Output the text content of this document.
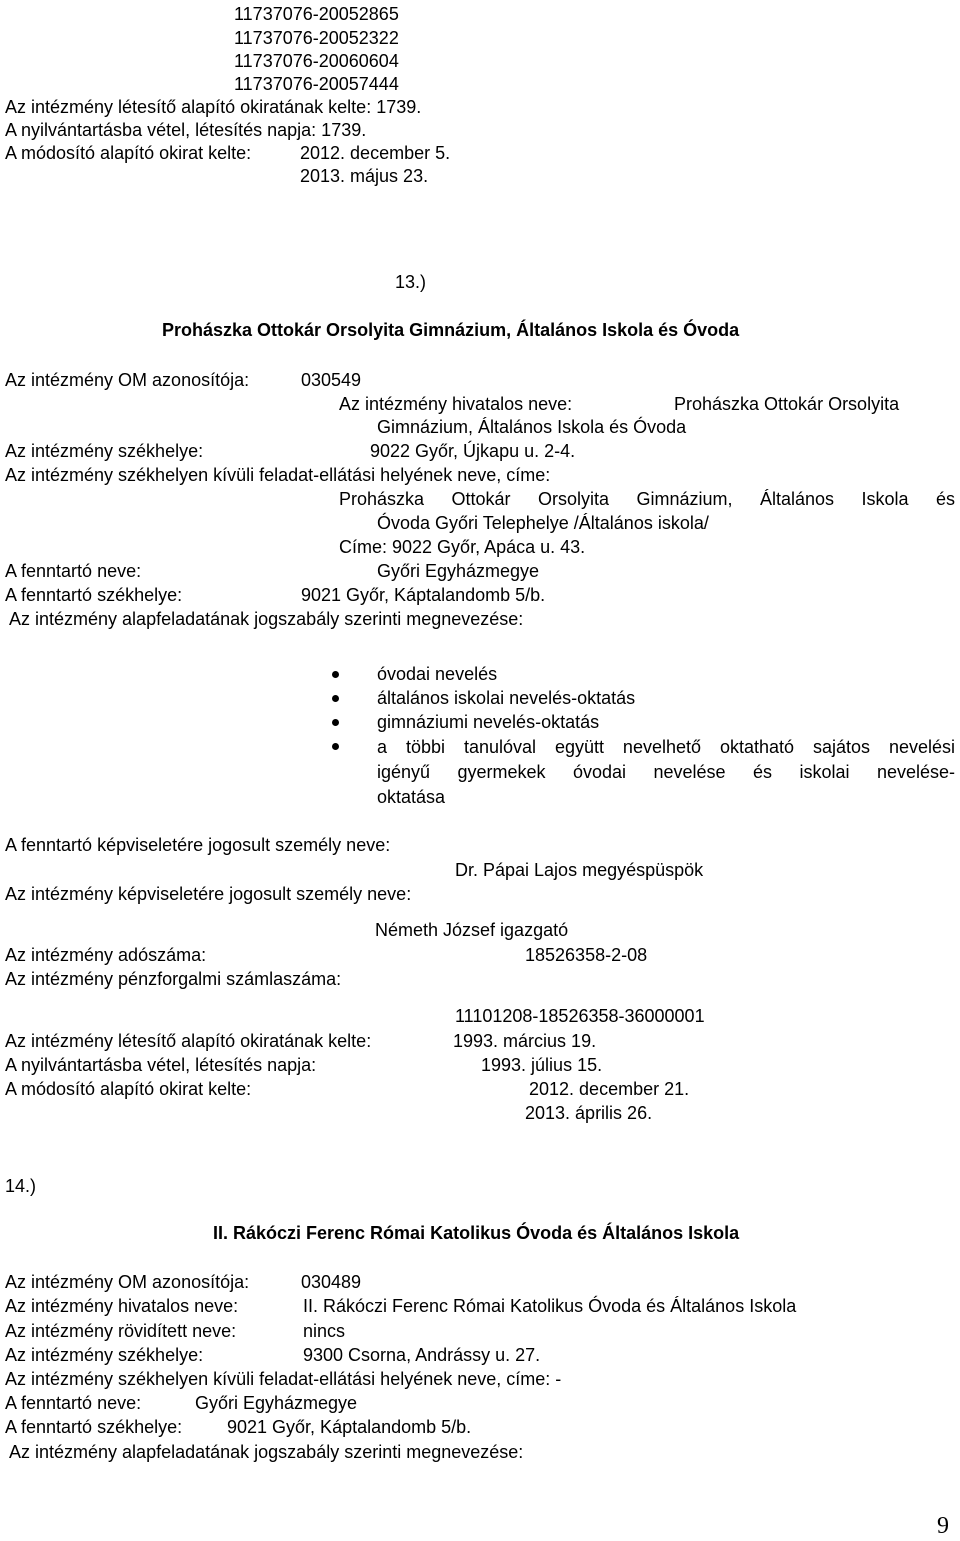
11737076-20052865
11737076-20052322
11737076-20060604
11737076-20057444
Az intézmény létesítő alapító okiratának kelte: 1739.
A nyilvántartásba vétel, létesítés napja: 1739.
A módosító alapító okirat kelte:	2012. december 5.
2013. május 23.
13.)
Prohászka Ottokár Orsolyita Gimnázium, Általános Iskola és Óvoda
Az intézmény OM azonosítója:	030549
Az intézmény hivatalos neve:	Prohászka Ottokár Orsolyita
Gimnázium, Általános Iskola és Óvoda
Az intézmény székhelye:	9022 Győr, Újkapu u. 2-4.
Az intézmény székhelyen kívüli feladat-ellátási helyének neve, címe:
Prohászka Ottokár Orsolyita Gimnázium, Általános Iskola és
Óvoda Győri Telephelye /Általános iskola/
Címe: 9022 Győr, Apáca u. 43.
A fenntartó neve:	Győri Egyházmegye
A fenntartó székhelye:	9021 Győr, Káptalandomb 5/b.
Az intézmény alapfeladatának jogszabály szerinti megnevezése:
óvodai nevelés
általános iskolai nevelés-oktatás
gimnáziumi nevelés-oktatás
a többi tanulóval együtt nevelhető oktatható sajátos nevelési
igényű gyermekek óvodai nevelése és iskolai nevelése-
oktatása
A fenntartó képviseletére jogosult személy neve:
Dr. Pápai Lajos megyéspüspök
Az intézmény képviseletére jogosult személy neve:
Németh József igazgató
Az intézmény adószáma:	18526358-2-08
Az intézmény pénzforgalmi számlaszáma:
11101208-18526358-36000001
Az intézmény létesítő alapító okiratának kelte:	1993. március 19.
A nyilvántartásba vétel, létesítés napja:	1993. július 15.
A módosító alapító okirat kelte:	2012. december 21.
2013. április 26.
14.)
II. Rákóczi Ferenc Római Katolikus Óvoda és Általános Iskola
Az intézmény OM azonosítója:	030489
Az intézmény hivatalos neve:	II. Rákóczi Ferenc Római Katolikus Óvoda és Általános Iskola
Az intézmény rövidített neve:	nincs
Az intézmény székhelye:	9300 Csorna, Andrássy u. 27.
Az intézmény székhelyen kívüli feladat-ellátási helyének neve, címe: -
A fenntartó neve:	Győri Egyházmegye
A fenntartó székhelye: 9021 Győr, Káptalandomb 5/b.
Az intézmény alapfeladatának jogszabály szerinti megnevezése:
9
